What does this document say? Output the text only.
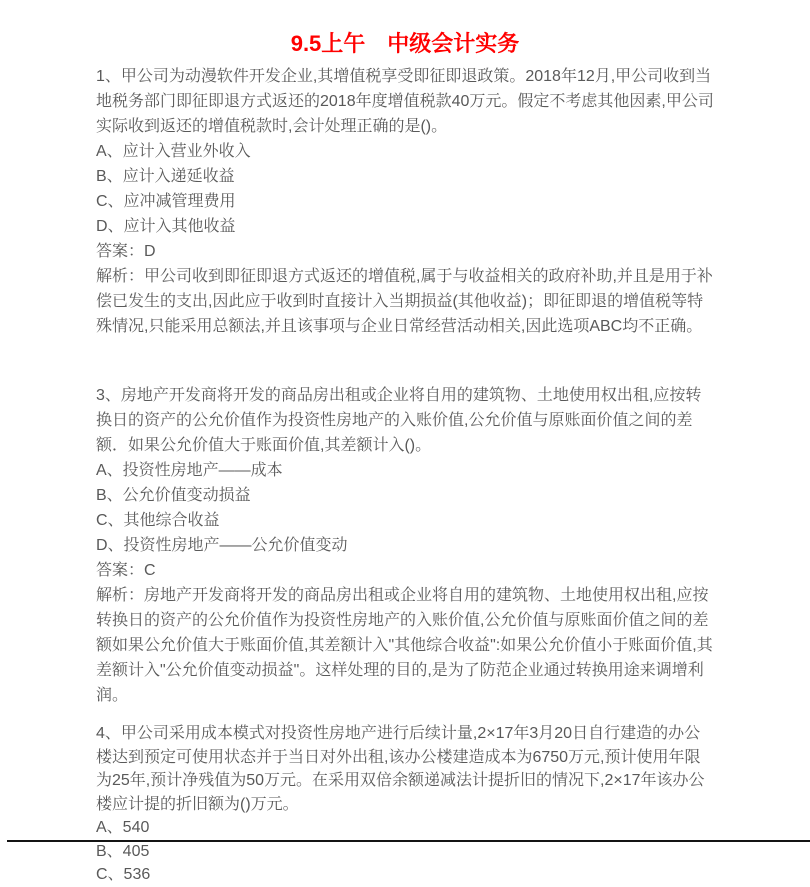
9.5上午　中级会计实务

1、甲公司为动漫软件开发企业,其增值税享受即征即退政策。2018年12月,甲公司收到当地税务部门即征即退方式返还的2018年度增值税款40万元。假定不考虑其他因素,甲公司实际收到返还的增值税款时,会计处理正确的是()。

A、应计入营业外收入

B、应计入递延收益

C、应冲减管理费用

D、应计入其他收益

答案：D

解析：甲公司收到即征即退方式返还的增值税,属于与收益相关的政府补助,并且是用于补偿已发生的支出,因此应于收到时直接计入当期损益(其他收益)；即征即退的增值税等特殊情况,只能采用总额法,并且该事项与企业日常经营活动相关,因此选项ABC均不正确。

3、房地产开发商将开发的商品房出租或企业将自用的建筑物、土地使用权出租,应按转换日的资产的公允价值作为投资性房地产的入账价值,公允价值与原账面价值之间的差额．如果公允价值大于账面价值,其差额计入()。

A、投资性房地产——成本

B、公允价值变动损益

C、其他综合收益

D、投资性房地产——公允价值变动

答案：C

解析：房地产开发商将开发的商品房出租或企业将自用的建筑物、土地使用权出租,应按转换日的资产的公允价值作为投资性房地产的入账价值,公允价值与原账面价值之间的差额如果公允价值大于账面价值,其差额计入"其他综合收益":如果公允价值小于账面价值,其差额计入"公允价值变动损益"。这样处理的目的,是为了防范企业通过转换用途来调增利润。

4、甲公司采用成本模式对投资性房地产进行后续计量,2×17年3月20日自行建造的办公楼达到预定可使用状态并于当日对外出租,该办公楼建造成本为6750万元,预计使用年限为25年,预计净残值为50万元。在采用双倍余额递减法计提折旧的情况下,2×17年该办公楼应计提的折旧额为()万元。

A、540

B、405

C、536
